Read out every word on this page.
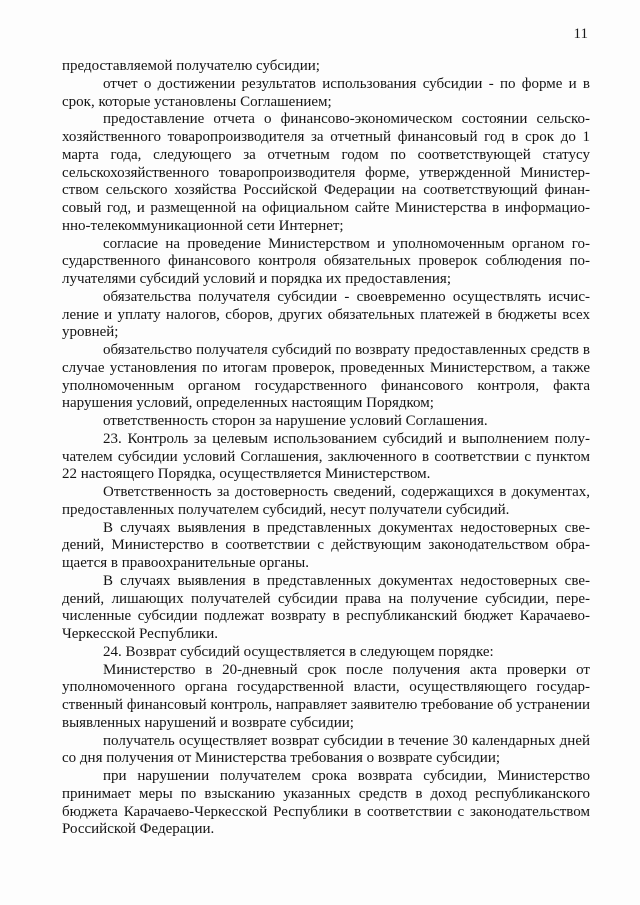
11

предоставляемой получателю субсидии;

отчет о достижении результатов использования субсидии - по форме и в срок, которые установлены Соглашением;

предоставление отчета о финансово-экономическом состоянии сельскохозяйственного товаропроизводителя за отчетный финансовый год в срок до 1 марта года, следующего за отчетным годом по соответствующей статусу сельскохозяйственного товаропроизводителя форме, утвержденной Министерством сельского хозяйства Российской Федерации на соответствующий финансовый год, и размещенной на официальном сайте Министерства в информационно-телекоммуникационной сети Интернет;

согласие на проведение Министерством и уполномоченным органом государственного финансового контроля обязательных проверок соблюдения получателями субсидий условий и порядка их предоставления;

обязательства получателя субсидии - своевременно осуществлять исчисление и уплату налогов, сборов, других обязательных платежей в бюджеты всех уровней;

обязательство получателя субсидий по возврату предоставленных средств в случае установления по итогам проверок, проведенных Министерством, а также уполномоченным органом государственного финансового контроля, факта нарушения условий, определенных настоящим Порядком;

ответственность сторон за нарушение условий Соглашения.

23. Контроль за целевым использованием субсидий и выполнением получателем субсидии условий Соглашения, заключенного в соответствии с пунктом 22 настоящего Порядка, осуществляется Министерством.

Ответственность за достоверность сведений, содержащихся в документах, предоставленных получателем субсидий, несут получатели субсидий.

В случаях выявления в представленных документах недостоверных сведений, Министерство в соответствии с действующим законодательством обращается в правоохранительные органы.

В случаях выявления в представленных документах недостоверных сведений, лишающих получателей субсидии права на получение субсидии, перечисленные субсидии подлежат возврату в республиканский бюджет Карачаево-Черкесской Республики.

24. Возврат субсидий осуществляется в следующем порядке:

Министерство в 20-дневный срок после получения акта проверки от уполномоченного органа государственной власти, осуществляющего государственный финансовый контроль, направляет заявителю требование об устранении выявленных нарушений и возврате субсидии;

получатель осуществляет возврат субсидии в течение 30 календарных дней со дня получения от Министерства требования о возврате субсидии;

при нарушении получателем срока возврата субсидии, Министерство принимает меры по взысканию указанных средств в доход республиканского бюджета Карачаево-Черкесской Республики в соответствии с законодательством Российской Федерации.
